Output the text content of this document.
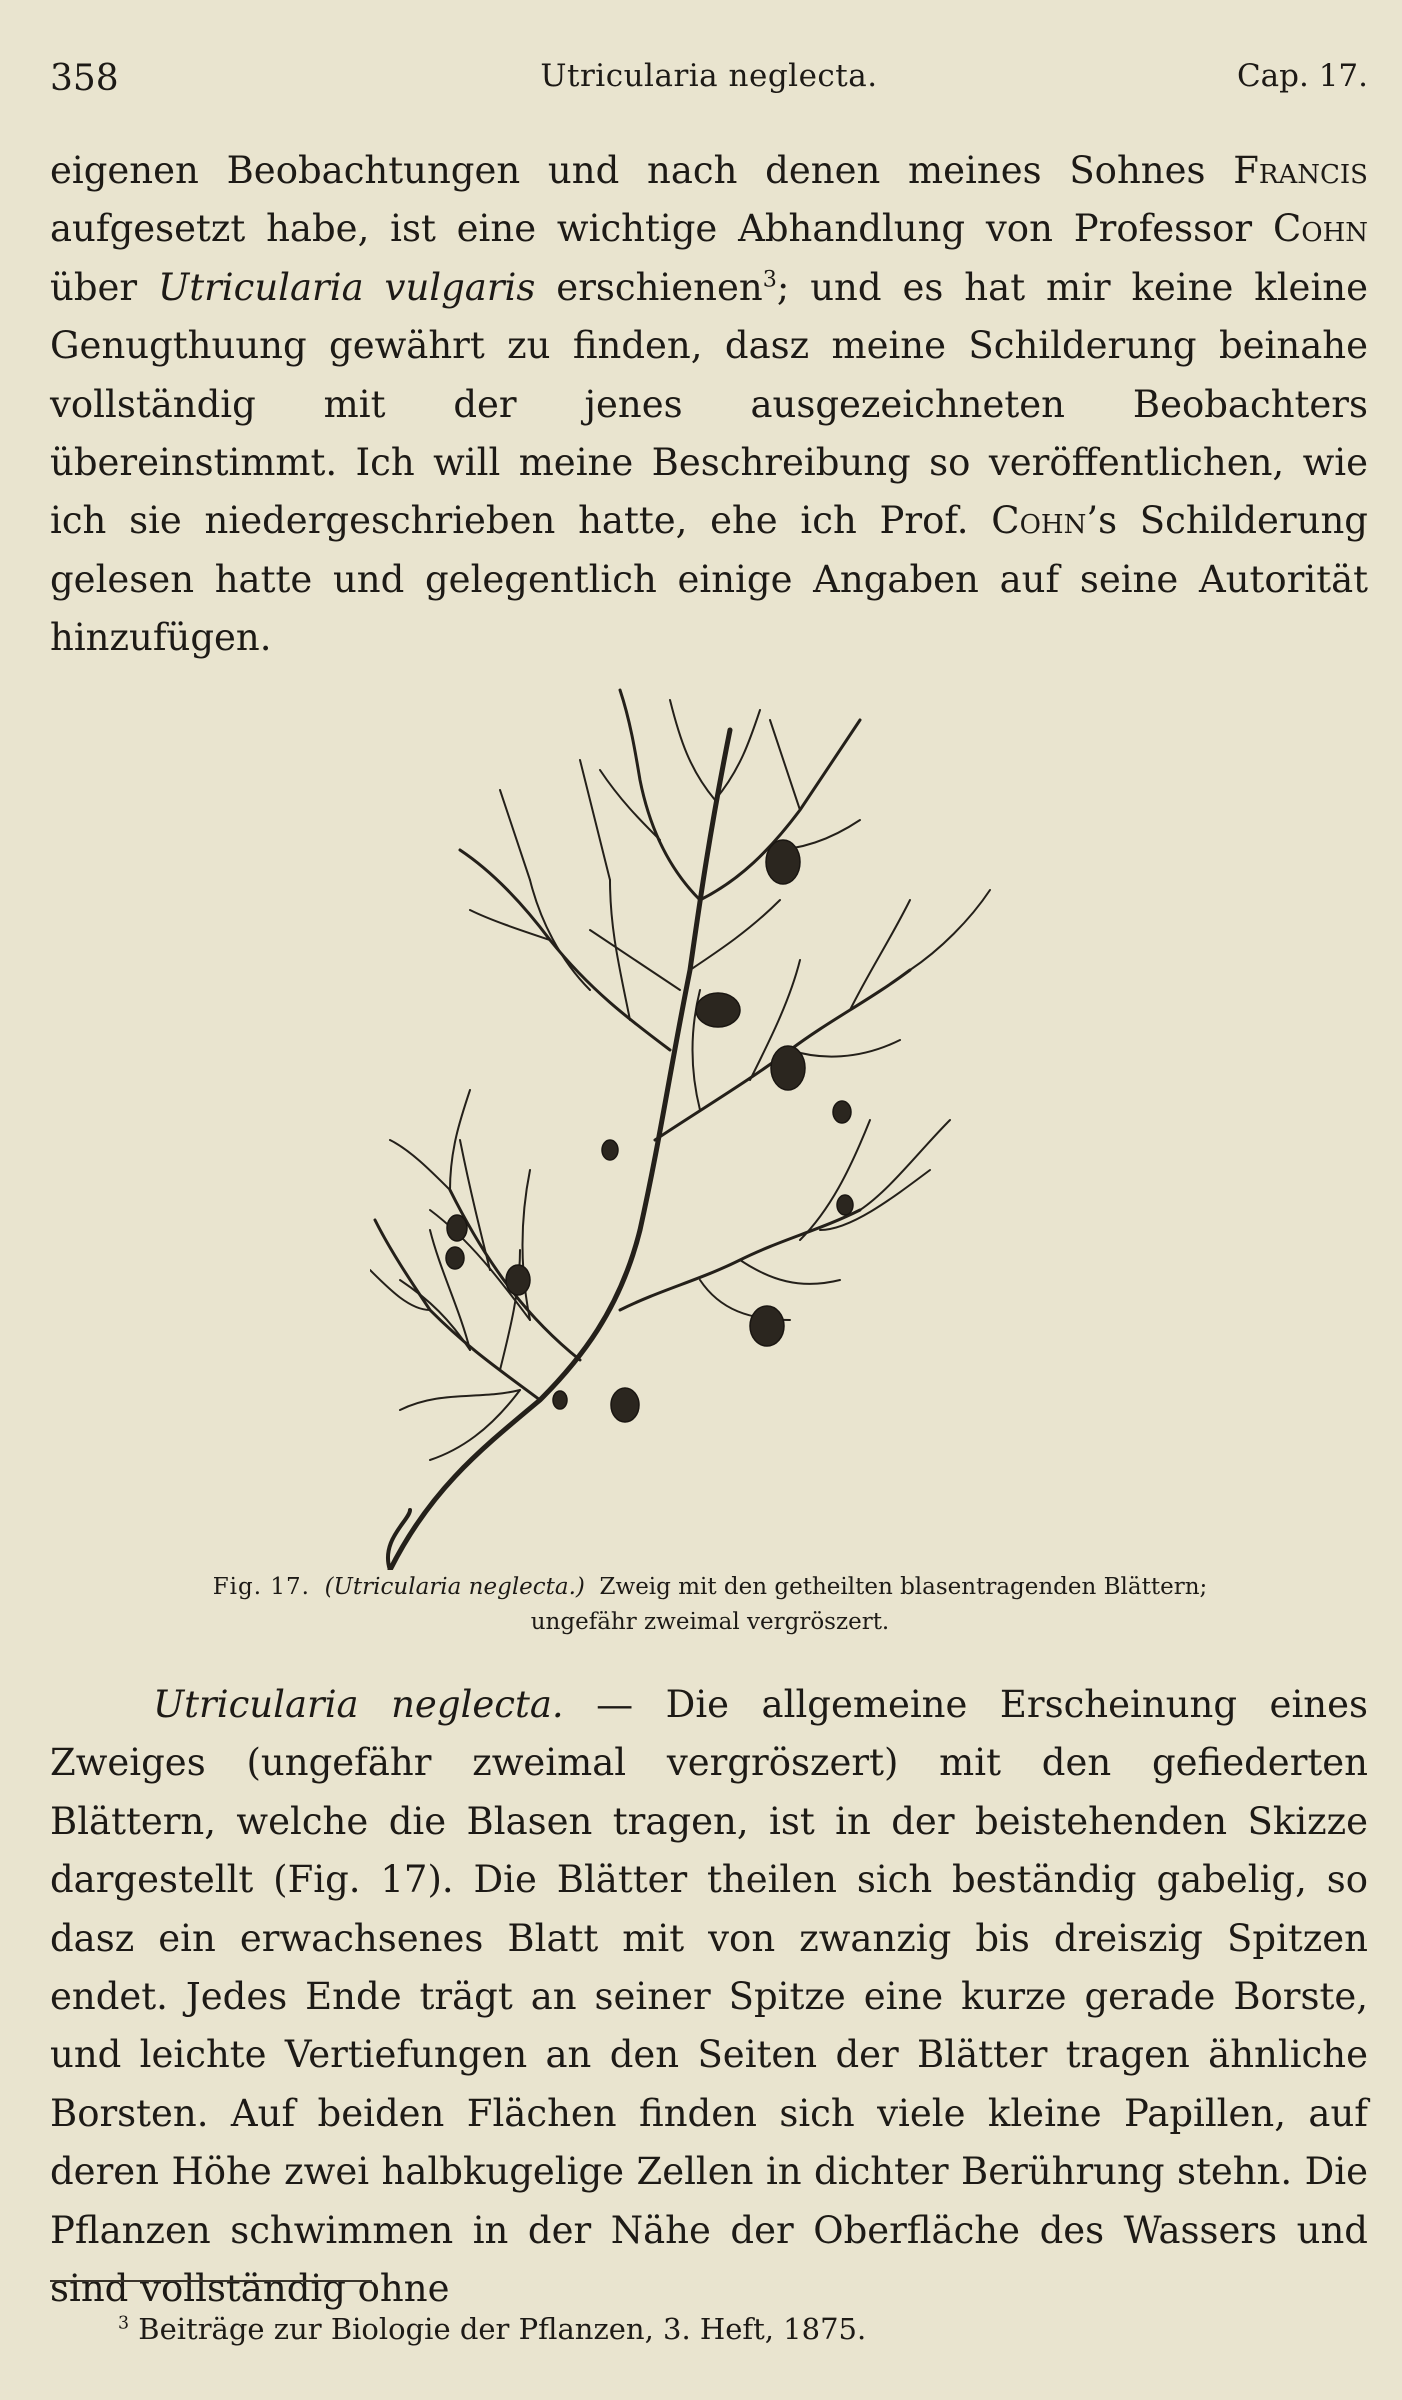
358	Utricularia neglecta.	Cap. 17.

eigenen Beobachtungen und nach denen meines Sohnes Francis aufgesetzt habe, ist eine wichtige Abhandlung von Professor Cohn über Utricularia vulgaris erschienen$^3$; und es hat mir keine kleine Genugthuung gewährt zu finden, dasz meine Schilderung beinahe vollständig mit der jenes ausgezeichneten Beobachters übereinstimmt. Ich will meine Beschreibung so veröffentlichen, wie ich sie niedergeschrieben hatte, ehe ich Prof. Cohn’s Schilderung gelesen hatte und gelegentlich einige Angaben auf seine Autorität hinzufügen.

Fig. 17. (Utricularia neglecta.) Zweig mit den getheilten blasentragenden Blättern;
ungefähr zweimal vergröszert.

Utricularia neglecta. — Die allgemeine Erscheinung eines Zweiges (ungefähr zweimal vergröszert) mit den gefiederten Blättern, welche die Blasen tragen, ist in der beistehenden Skizze dargestellt (Fig. 17). Die Blätter theilen sich beständig gabelig, so dasz ein erwachsenes Blatt mit von zwanzig bis dreiszig Spitzen endet. Jedes Ende trägt an seiner Spitze eine kurze gerade Borste, und leichte Vertiefungen an den Seiten der Blätter tragen ähnliche Borsten. Auf beiden Flächen finden sich viele kleine Papillen, auf deren Höhe zwei halbkugelige Zellen in dichter Berührung stehn. Die Pflanzen schwimmen in der Nähe der Oberfläche des Wassers und sind vollständig ohne

$^3$ Beiträge zur Biologie der Pflanzen, 3. Heft, 1875.
